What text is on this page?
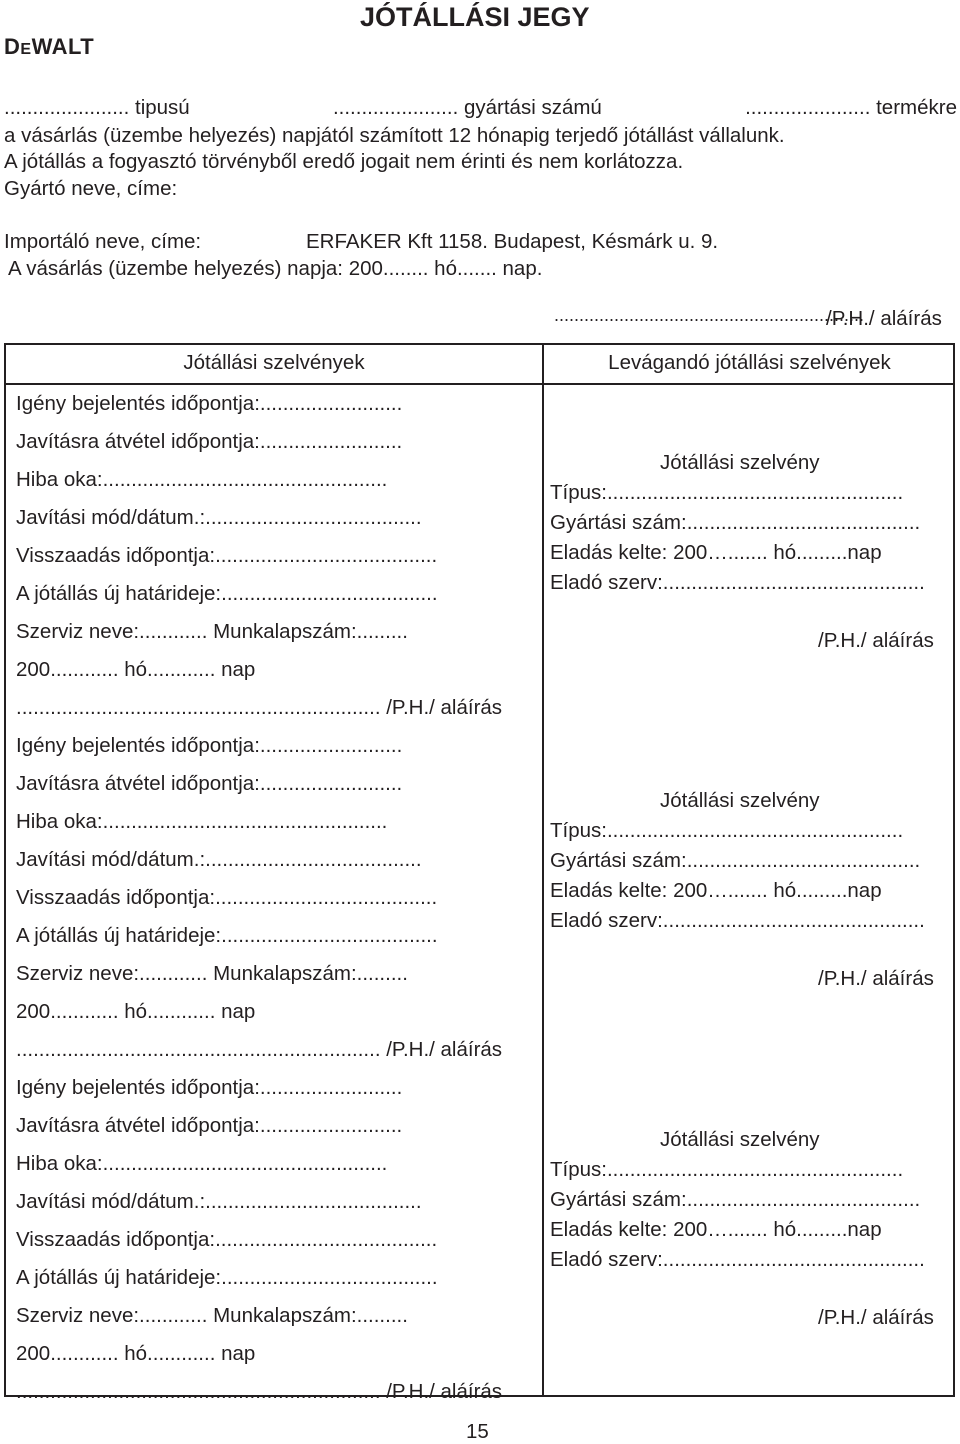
JÓTÁLLÁSI JEGY
DEWALT
...................... tipusú	...................... gyártási számú	...................... termékre
a vásárlás (üzembe helyezés) napjától számított 12 hónapig terjedő jótállást vállalunk.
A jótállás a fogyasztó törvényből eredő jogait nem érinti és nem korlátozza.
Gyártó neve, címe:
Importáló neve, címe:	ERFAKER Kft 1158. Budapest, Késmárk u. 9.
A vásárlás (üzembe helyezés) napja: 200........ hó....... nap.
..............................................................
/P.H./ aláírás
Jótállási szelvények	Levágandó jótállási szelvények
Igény bejelentés időpontja:.........................
Javításra átvétel időpontja:.........................
Hiba oka:..................................................
Javítási mód/dátum.:......................................
Visszaadás időpontja:.......................................
A jótállás új határideje:......................................
Szerviz neve:............ Munkalapszám:.........
200............ hó............ nap
................................................................ /P.H./ aláírás
Igény bejelentés időpontja:.........................
Javításra átvétel időpontja:.........................
Hiba oka:..................................................
Javítási mód/dátum.:......................................
Visszaadás időpontja:.......................................
A jótállás új határideje:......................................
Szerviz neve:............ Munkalapszám:.........
200............ hó............ nap
................................................................ /P.H./ aláírás
Igény bejelentés időpontja:.........................
Javításra átvétel időpontja:.........................
Hiba oka:..................................................
Javítási mód/dátum.:......................................
Visszaadás időpontja:.......................................
A jótállás új határideje:......................................
Szerviz neve:............ Munkalapszám:.........
200............ hó............ nap
................................................................ /P.H./ aláírás
Jótállási szelvény
Típus:....................................................
Gyártási szám:.........................................
Eladás kelte: 200…....... hó.........nap
Eladó szerv:..............................................
/P.H./ aláírás
Jótállási szelvény
Típus:....................................................
Gyártási szám:.........................................
Eladás kelte: 200…....... hó.........nap
Eladó szerv:..............................................
/P.H./ aláírás
Jótállási szelvény
Típus:....................................................
Gyártási szám:.........................................
Eladás kelte: 200…....... hó.........nap
Eladó szerv:..............................................
/P.H./ aláírás
15
